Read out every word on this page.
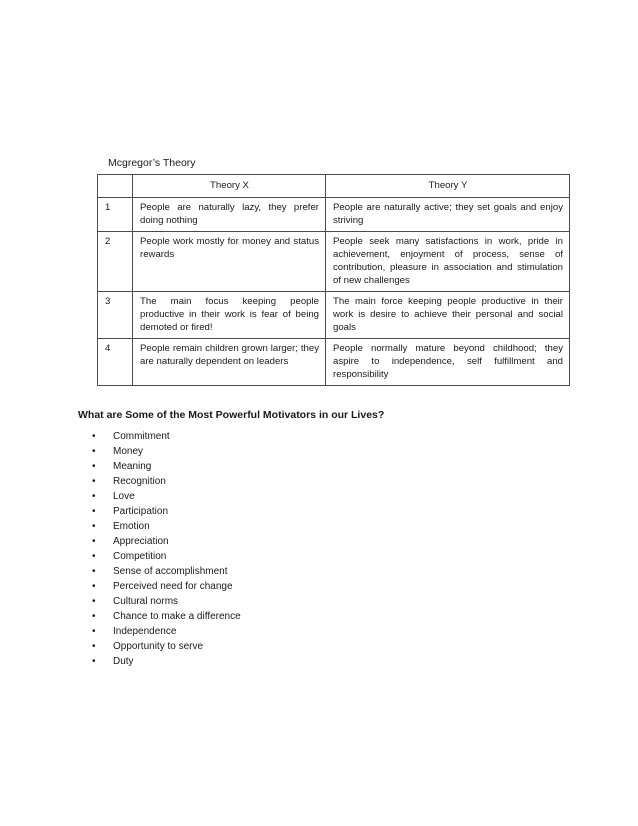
Mcgregor’s Theory
	Theory X	Theory Y
1	People are naturally lazy, they prefer doing nothing	People are naturally active; they set goals and enjoy striving
2	People work mostly for money and status rewards	People seek many satisfactions in work, pride in achievement, enjoyment of process, sense of contribution, pleasure in association and stimulation of new challenges
3	The main focus keeping people productive in their work is fear of being demoted or fired!	The main force keeping people productive in their work is desire to achieve their personal and social goals
4	People remain children grown larger; they are naturally dependent on leaders	People normally mature beyond childhood; they aspire to independence, self fulfillment and responsibility
What are Some of the Most Powerful Motivators in our Lives?
• Commitment
• Money
• Meaning
• Recognition
• Love
• Participation
• Emotion
• Appreciation
• Competition
• Sense of accomplishment
• Perceived need for change
• Cultural norms
• Chance to make a difference
• Independence
• Opportunity to serve
• Duty
